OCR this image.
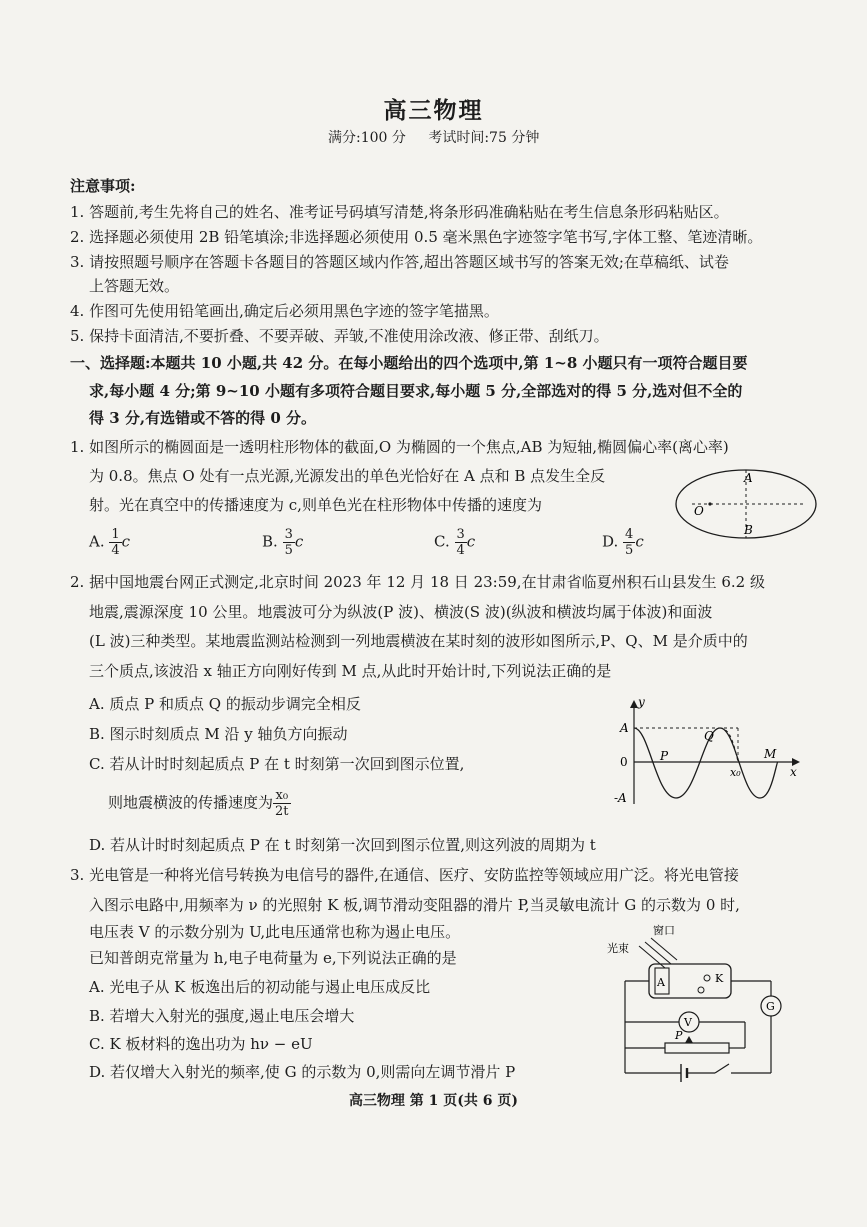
高三物理
满分:100 分 考试时间:75 分钟
注意事项:
1. 答题前,考生先将自己的姓名、准考证号码填写清楚,将条形码准确粘贴在考生信息条形码粘贴区。
2. 选择题必须使用 2B 铅笔填涂;非选择题必须使用 0.5 毫米黑色字迹签字笔书写,字体工整、笔迹清晰。
3. 请按照题号顺序在答题卡各题目的答题区域内作答,超出答题区域书写的答案无效;在草稿纸、试卷
上答题无效。
4. 作图可先使用铅笔画出,确定后必须用黑色字迹的签字笔描黑。
5. 保持卡面清洁,不要折叠、不要弄破、弄皱,不准使用涂改液、修正带、刮纸刀。
一、选择题:本题共 10 小题,共 42 分。在每小题给出的四个选项中,第 1~8 小题只有一项符合题目要
求,每小题 4 分;第 9~10 小题有多项符合题目要求,每小题 5 分,全部选对的得 5 分,选对但不全的
得 3 分,有选错或不答的得 0 分。
1. 如图所示的椭圆面是一透明柱形物体的截面,O 为椭圆的一个焦点,AB 为短轴,椭圆偏心率(离心率)
为 0.8。焦点 O 处有一点光源,光源发出的单色光恰好在 A 点和 B 点发生全反
射。光在真空中的传播速度为 c,则单色光在柱形物体中传播的速度为
A. $\frac{1}{4}$ c	B. $\frac{3}{5}$ c	C. $\frac{3}{4}$ c	D. $\frac{4}{5}$ c
A
B
O
2. 据中国地震台网正式测定,北京时间 2023 年 12 月 18 日 23:59,在甘肃省临夏州积石山县发生 6.2 级
地震,震源深度 10 公里。地震波可分为纵波(P 波)、横波(S 波)(纵波和横波均属于体波)和面波
(L 波)三种类型。某地震监测站检测到一列地震横波在某时刻的波形如图所示,P、Q、M 是介质中的
三个质点,该波沿 x 轴正方向刚好传到 M 点,从此时开始计时,下列说法正确的是
A. 质点 P 和质点 Q 的振动步调完全相反
B. 图示时刻质点 M 沿 y 轴负方向振动
C. 若从计时时刻起质点 P 在 t 时刻第一次回到图示位置,
则地震横波的传播速度为 $\frac{\text{x₀}}{2t}$
D. 若从计时时刻起质点 P 在 t 时刻第一次回到图示位置,则这列波的周期为 t
y
A
0
-A
P
Q
M
x₀	x
3. 光电管是一种将光信号转换为电信号的器件,在通信、医疗、安防监控等领域应用广泛。将光电管接
入图示电路中,用频率为 ν 的光照射 K 板,调节滑动变阻器的滑片 P,当灵敏电流计 G 的示数为 0 时,
电压表 V 的示数分别为 U,此电压通常也称为遏止电压。
已知普朗克常量为 h,电子电荷量为 e,下列说法正确的是
A. 光电子从 K 板逸出后的初动能与遏止电压成反比
B. 若增大入射光的强度,遏止电压会增大
C. K 板材料的逸出功为 hν − eU
D. 若仅增大入射光的频率,使 G 的示数为 0,则需向左调节滑片 P
窗口
光束
A	K
G
V
P
高三物理 第 1 页(共 6 页)
